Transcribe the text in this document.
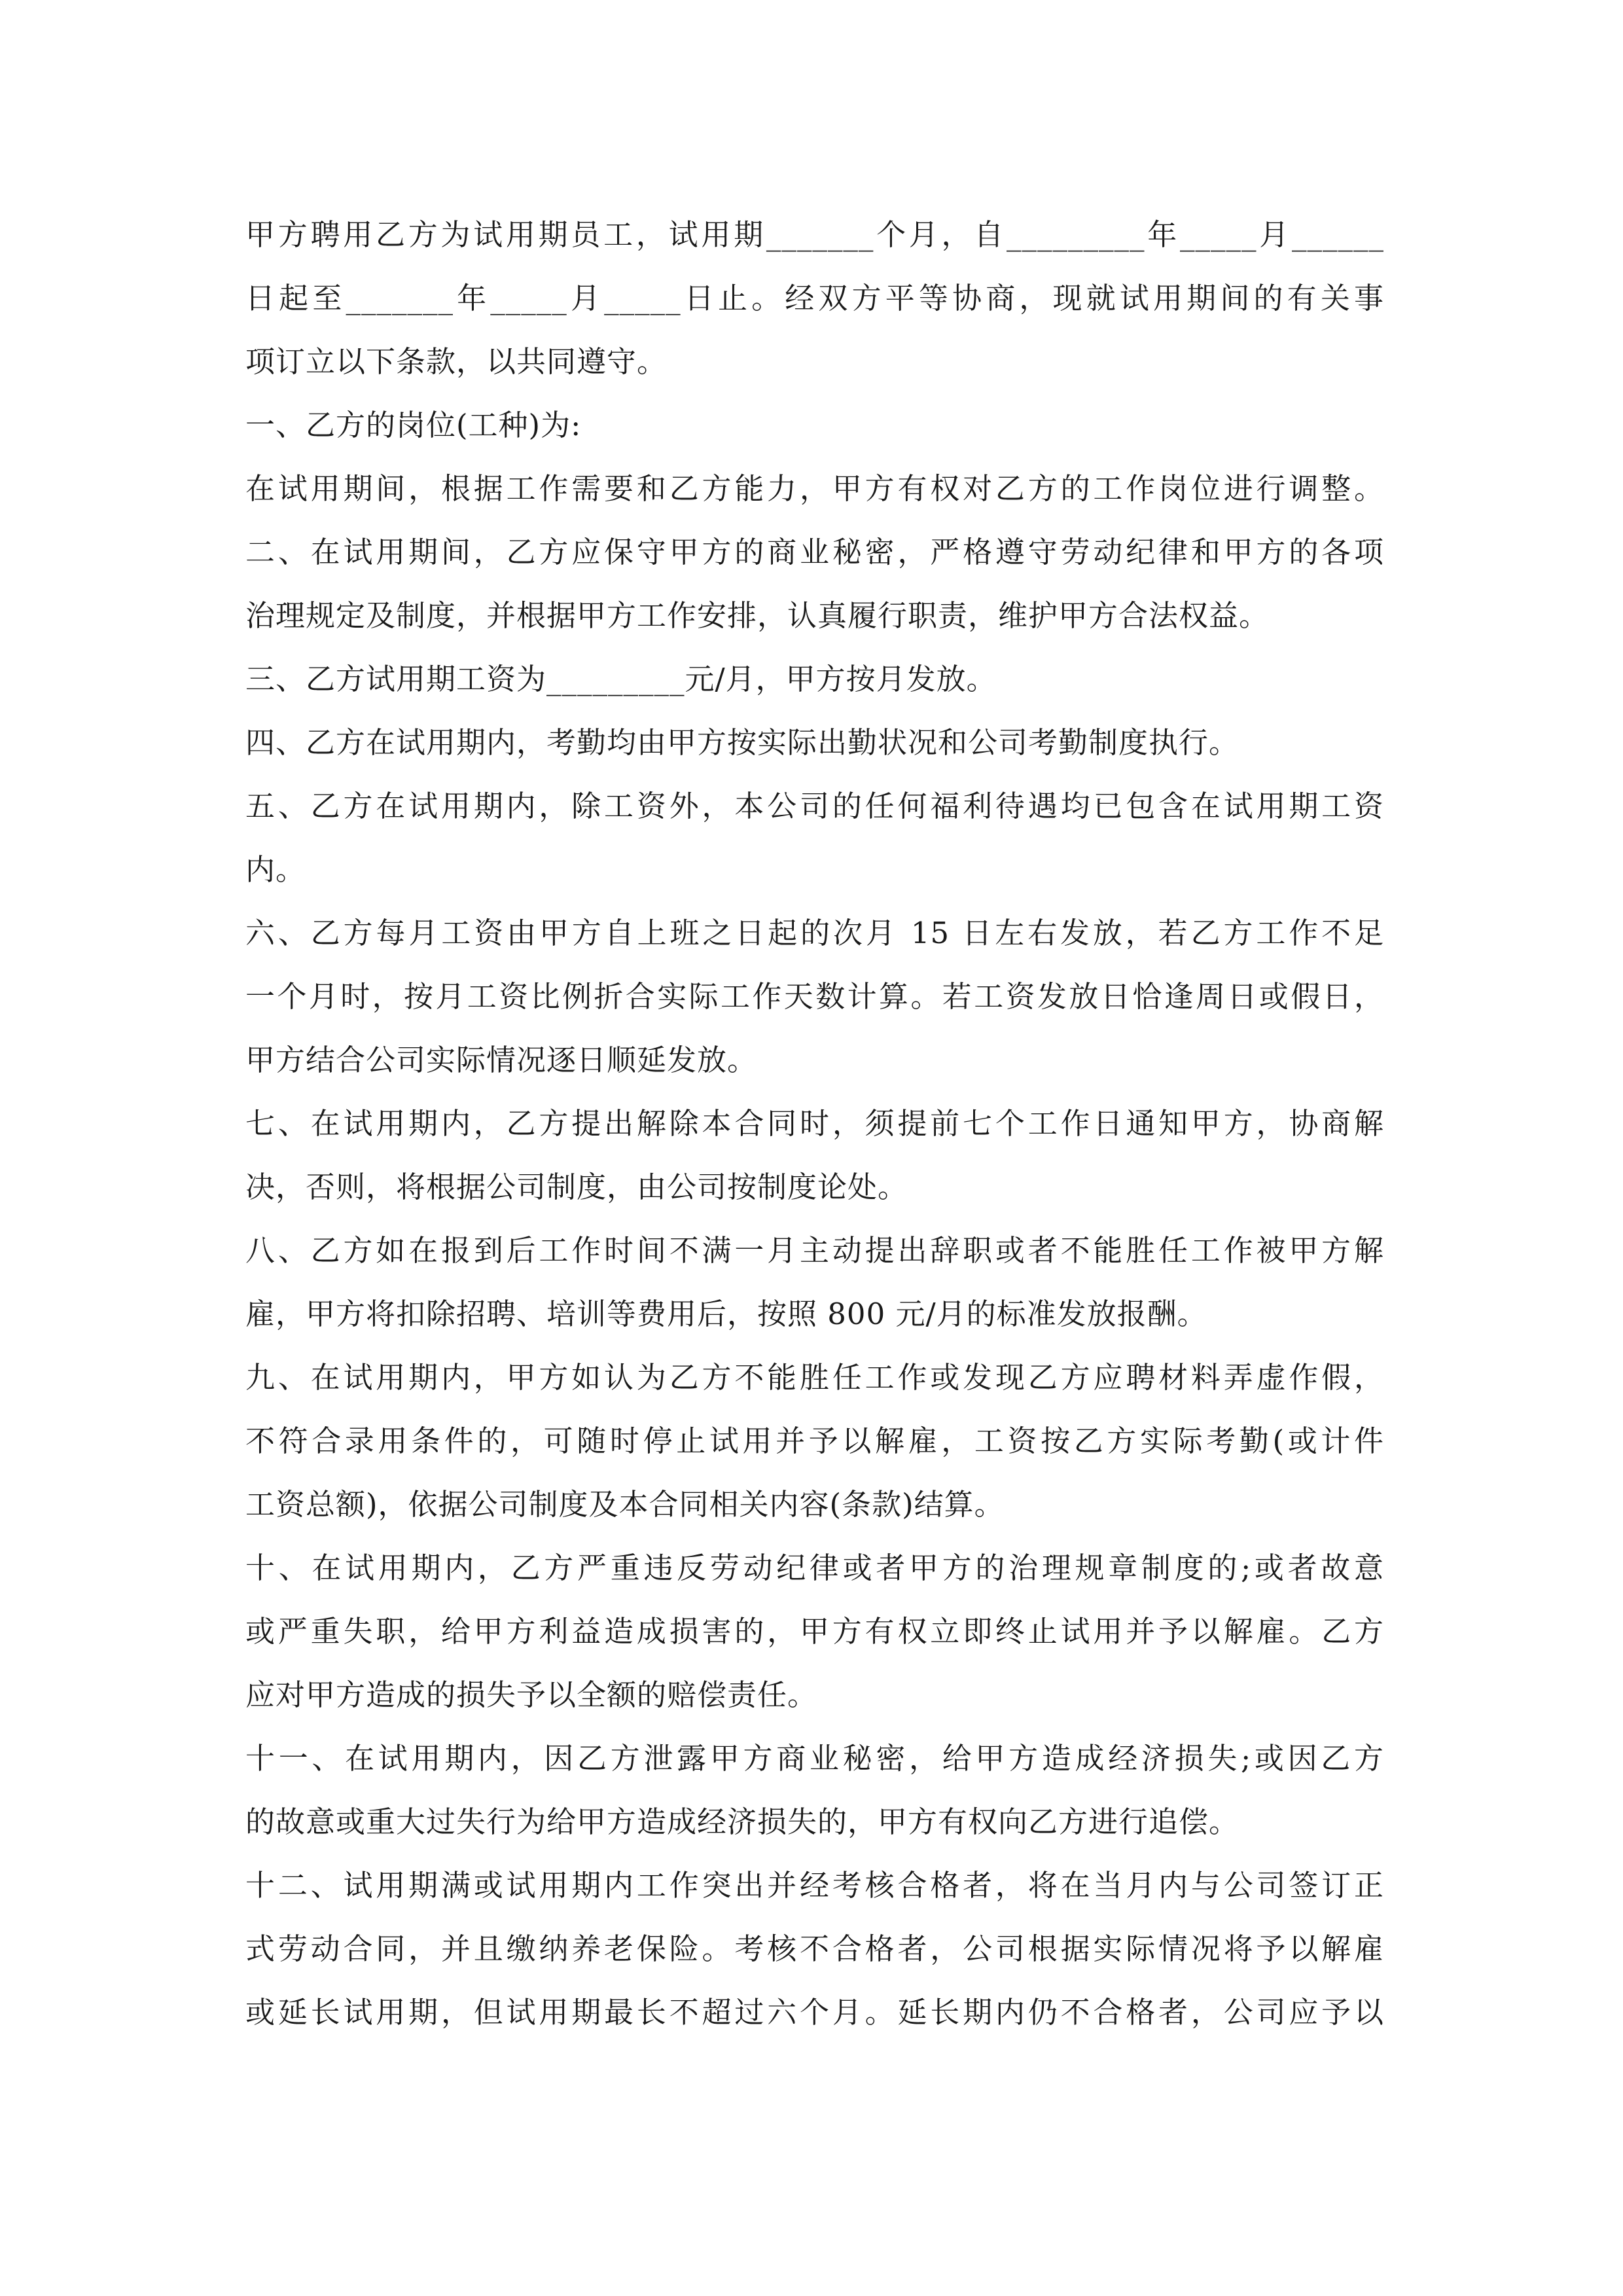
甲方聘用乙方为试用期员工，试用期_______个月，自_________年_____月______
日起至_______年_____月_____日止。经双方平等协商，现就试用期间的有关事
项订立以下条款，以共同遵守。
一、乙方的岗位(工种)为:
在试用期间，根据工作需要和乙方能力，甲方有权对乙方的工作岗位进行调整。
二、在试用期间，乙方应保守甲方的商业秘密，严格遵守劳动纪律和甲方的各项
治理规定及制度，并根据甲方工作安排，认真履行职责，维护甲方合法权益。
三、乙方试用期工资为_________元/月，甲方按月发放。
四、乙方在试用期内，考勤均由甲方按实际出勤状况和公司考勤制度执行。
五、乙方在试用期内，除工资外，本公司的任何福利待遇均已包含在试用期工资
内。
六、乙方每月工资由甲方自上班之日起的次月 15 日左右发放，若乙方工作不足
一个月时，按月工资比例折合实际工作天数计算。若工资发放日恰逢周日或假日，
甲方结合公司实际情况逐日顺延发放。
七、在试用期内，乙方提出解除本合同时，须提前七个工作日通知甲方，协商解
决，否则，将根据公司制度，由公司按制度论处。
八、乙方如在报到后工作时间不满一月主动提出辞职或者不能胜任工作被甲方解
雇，甲方将扣除招聘、培训等费用后，按照 800 元/月的标准发放报酬。
九、在试用期内，甲方如认为乙方不能胜任工作或发现乙方应聘材料弄虚作假，
不符合录用条件的，可随时停止试用并予以解雇，工资按乙方实际考勤(或计件
工资总额)，依据公司制度及本合同相关内容(条款)结算。
十、在试用期内，乙方严重违反劳动纪律或者甲方的治理规章制度的;或者故意
或严重失职，给甲方利益造成损害的，甲方有权立即终止试用并予以解雇。乙方
应对甲方造成的损失予以全额的赔偿责任。
十一、在试用期内，因乙方泄露甲方商业秘密，给甲方造成经济损失;或因乙方
的故意或重大过失行为给甲方造成经济损失的，甲方有权向乙方进行追偿。
十二、试用期满或试用期内工作突出并经考核合格者，将在当月内与公司签订正
式劳动合同，并且缴纳养老保险。考核不合格者，公司根据实际情况将予以解雇
或延长试用期，但试用期最长不超过六个月。延长期内仍不合格者，公司应予以
